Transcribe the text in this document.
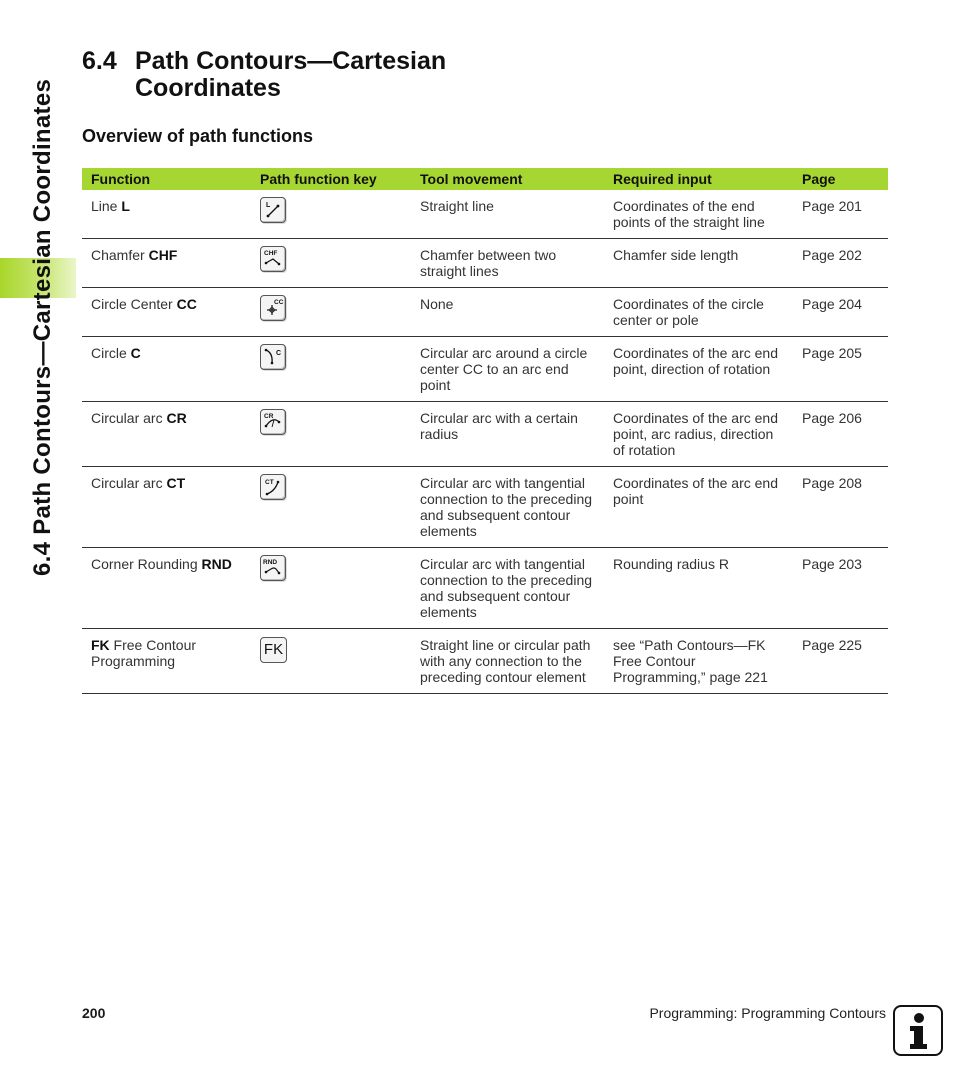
6.4 Path Contours—Cartesian Coordinates
6.4 Path Contours—Cartesian
Coordinates
Overview of path functions
Function	Path function key	Tool movement	Required input	Page
Line L	L	Straight line	Coordinates of the end points of the straight line	Page 201
Chamfer CHF	CHF	Chamfer between two straight lines	Chamfer side length	Page 202
Circle Center CC	CC	None	Coordinates of the circle center or pole	Page 204
Circle C	C	Circular arc around a circle center CC to an arc end point	Coordinates of the arc end point, direction of rotation	Page 205
Circular arc CR	CR	Circular arc with a certain radius	Coordinates of the arc end point, arc radius, direction of rotation	Page 206
Circular arc CT	CT	Circular arc with tangential connection to the preceding and subsequent contour elements	Coordinates of the arc end point	Page 208
Corner Rounding RND	RND	Circular arc with tangential connection to the preceding and subsequent contour elements	Rounding radius R	Page 203
FK Free Contour Programming	FK	Straight line or circular path with any connection to the preceding contour element	see “Path Contours—FK Free Contour Programming,” page 221	Page 225
200	Programming: Programming Contours
